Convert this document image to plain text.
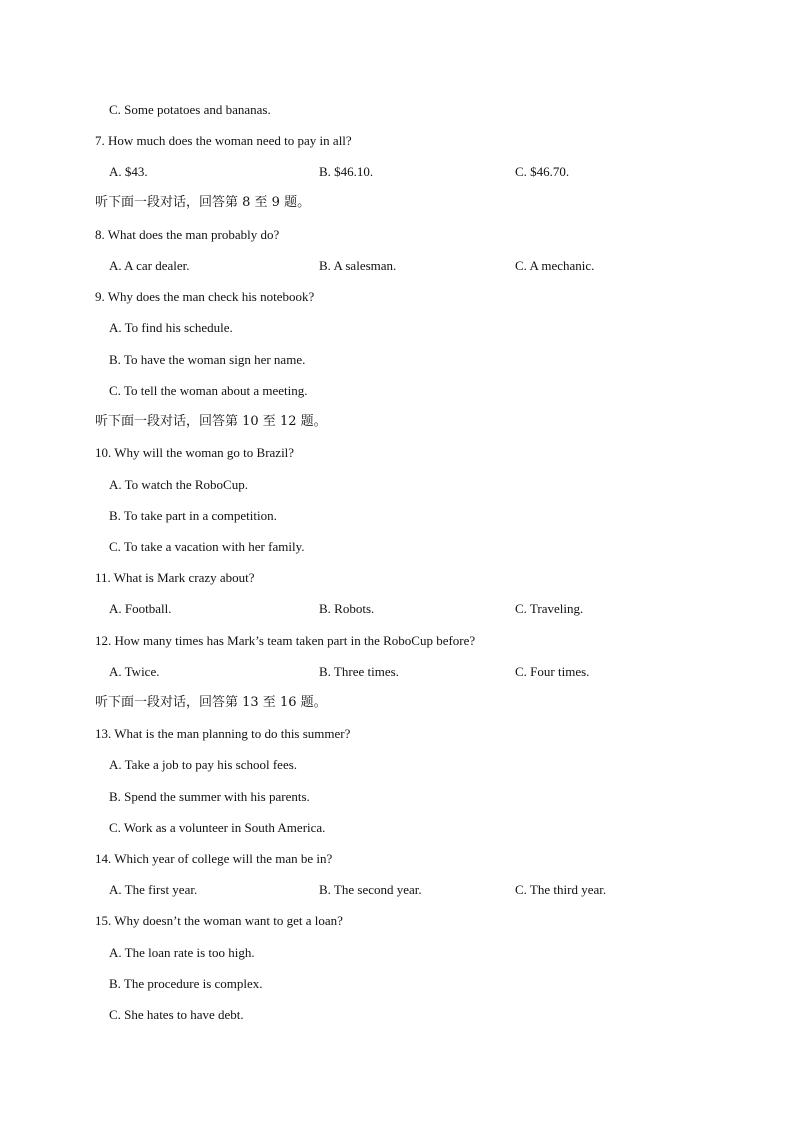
C. Some potatoes and bananas.
7. How much does the woman need to pay in all?
A. $43.	B. $46.10.	C. $46.70.
听下面一段对话，回答第 8 至 9 题。
8. What does the man probably do?
A. A car dealer.	B. A salesman.	C. A mechanic.
9. Why does the man check his notebook?
A. To find his schedule.
B. To have the woman sign her name.
C. To tell the woman about a meeting.
听下面一段对话，回答第 10 至 12 题。
10. Why will the woman go to Brazil?
A. To watch the RoboCup.
B. To take part in a competition.
C. To take a vacation with her family.
11. What is Mark crazy about?
A. Football.	B. Robots.	C. Traveling.
12. How many times has Mark’s team taken part in the RoboCup before?
A. Twice.	B. Three times.	C. Four times.
听下面一段对话，回答第 13 至 16 题。
13. What is the man planning to do this summer?
A. Take a job to pay his school fees.
B. Spend the summer with his parents.
C. Work as a volunteer in South America.
14. Which year of college will the man be in?
A. The first year.	B. The second year.	C. The third year.
15. Why doesn’t the woman want to get a loan?
A. The loan rate is too high.
B. The procedure is complex.
C. She hates to have debt.
